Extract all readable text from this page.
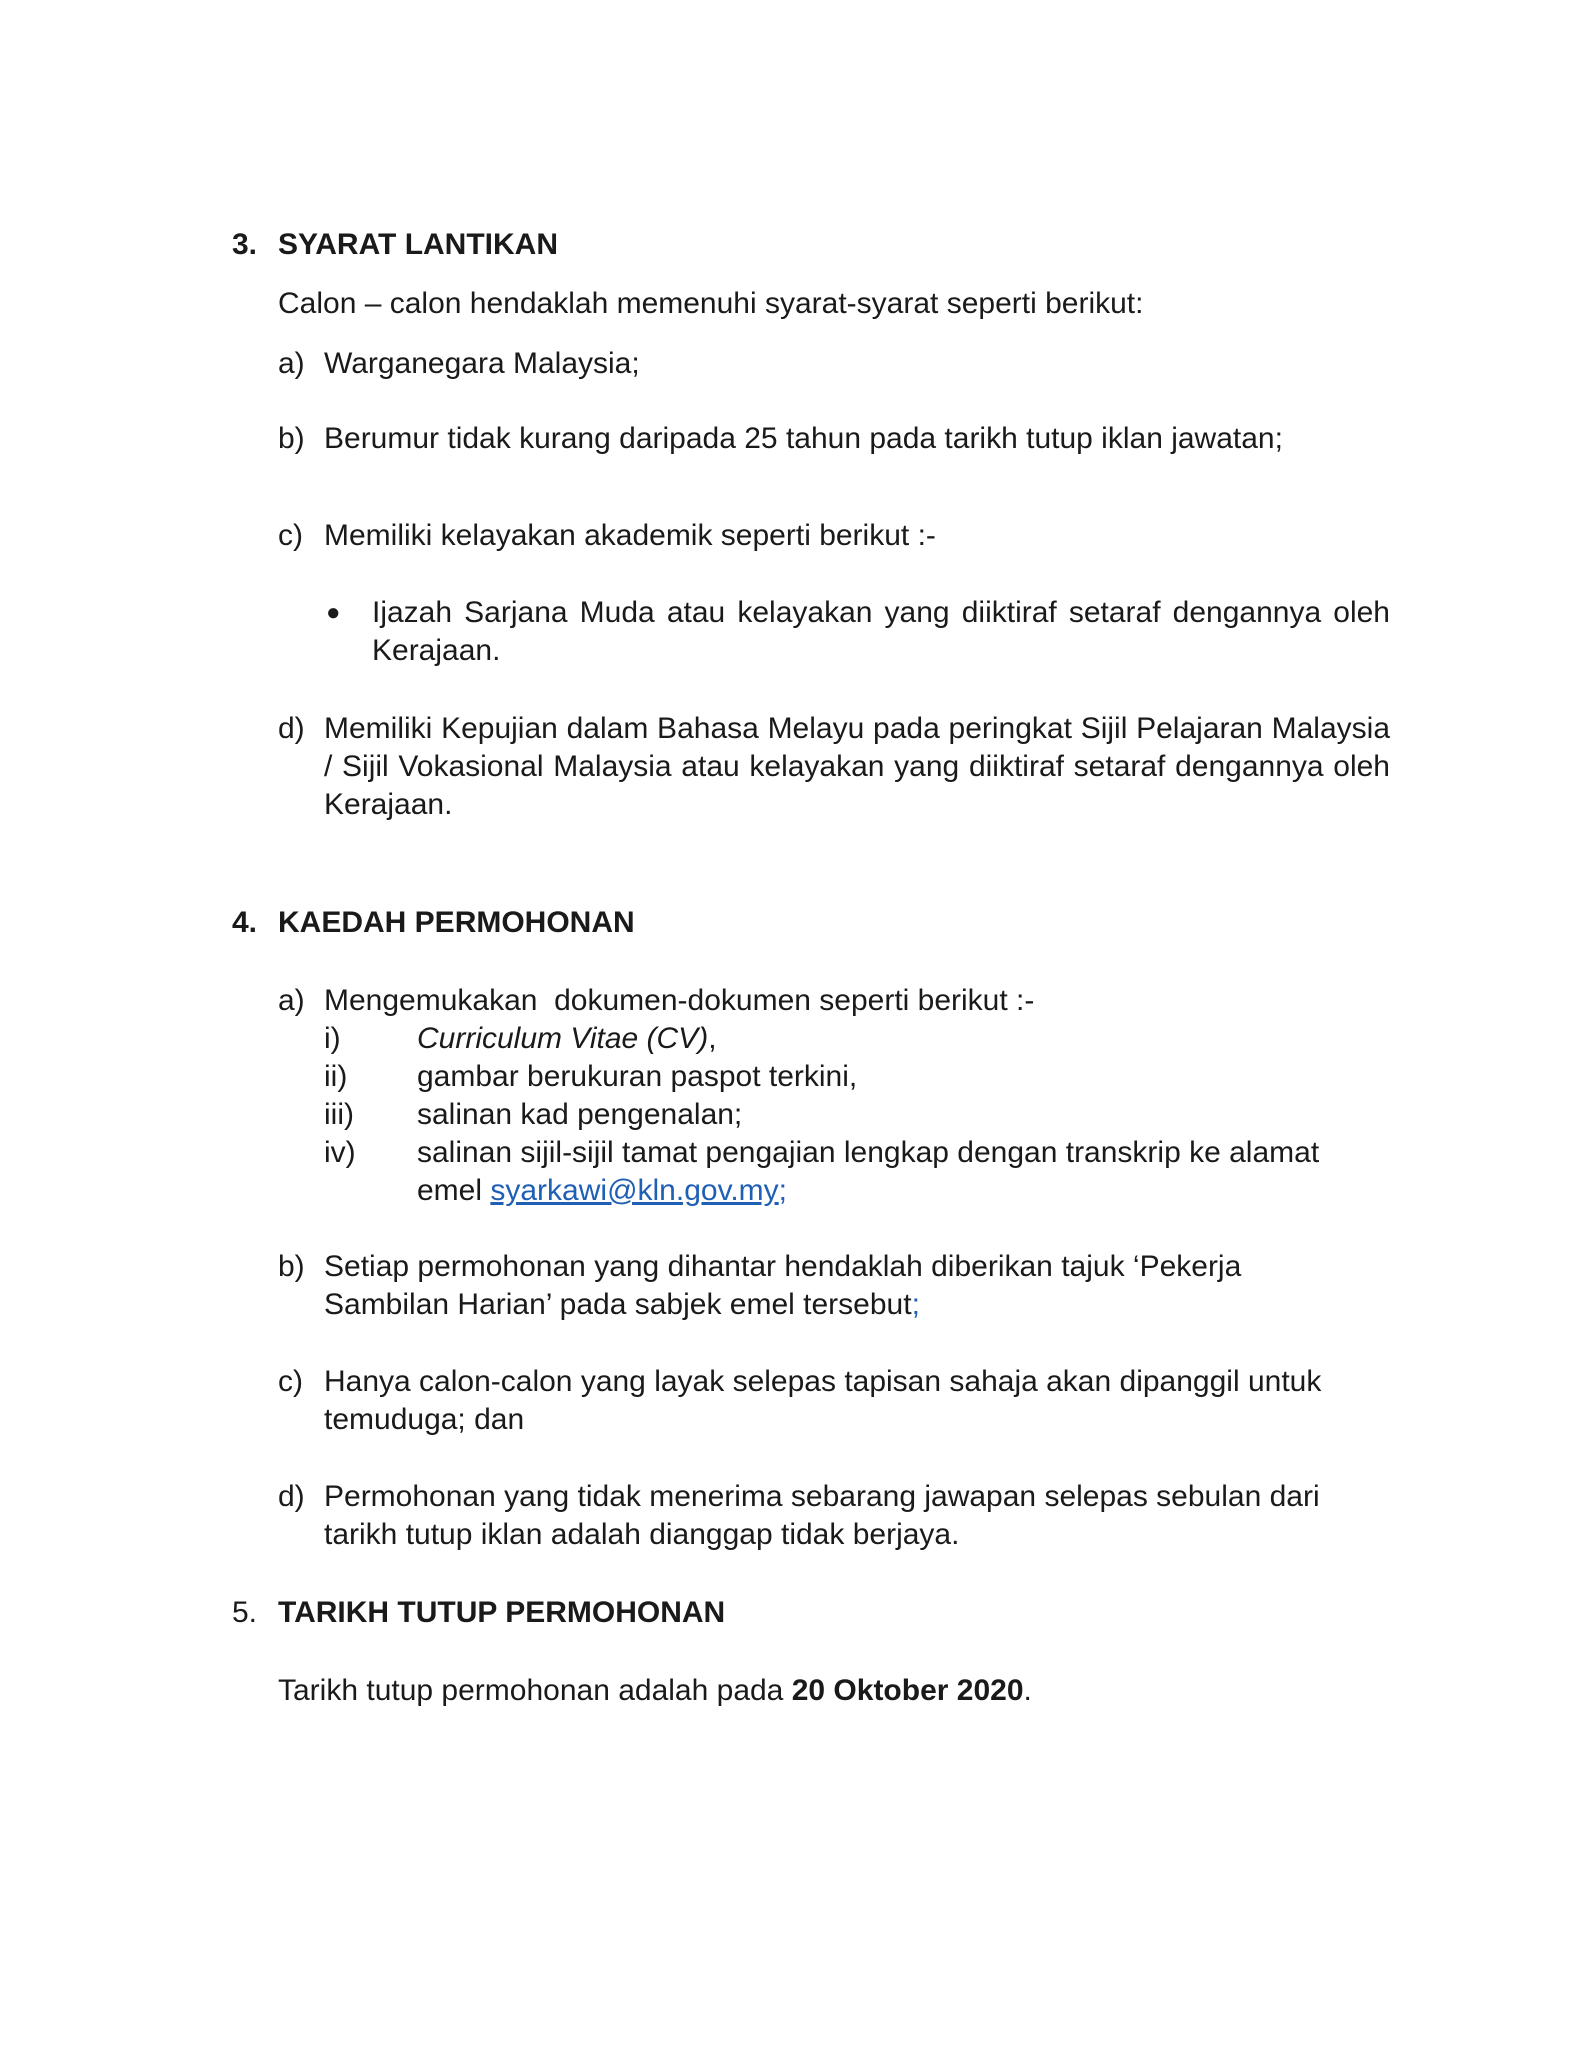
3. SYARAT LANTIKAN
Calon – calon hendaklah memenuhi syarat-syarat seperti berikut:
a) Warganegara Malaysia;
b) Berumur tidak kurang daripada 25 tahun pada tarikh tutup iklan jawatan;
c) Memiliki kelayakan akademik seperti berikut :-
● Ijazah Sarjana Muda atau kelayakan yang diiktiraf setaraf dengannya oleh Kerajaan.
d) Memiliki Kepujian dalam Bahasa Melayu pada peringkat Sijil Pelajaran Malaysia / Sijil Vokasional Malaysia atau kelayakan yang diiktiraf setaraf dengannya oleh Kerajaan.
4. KAEDAH PERMOHONAN
a) Mengemukakan  dokumen-dokumen seperti berikut :-
i)	Curriculum Vitae (CV),
ii) gambar berukuran paspot terkini,
iii) salinan kad pengenalan;
iv) salinan sijil-sijil tamat pengajian lengkap dengan transkrip ke alamat
emel syarkawi@kln.gov.my;
b) Setiap permohonan yang dihantar hendaklah diberikan tajuk ‘Pekerja
Sambilan Harian’ pada sabjek emel tersebut;
c) Hanya calon-calon yang layak selepas tapisan sahaja akan dipanggil untuk temuduga; dan
d) Permohonan yang tidak menerima sebarang jawapan selepas sebulan dari tarikh tutup iklan adalah dianggap tidak berjaya.
5. TARIKH TUTUP PERMOHONAN
Tarikh tutup permohonan adalah pada 20 Oktober 2020.
